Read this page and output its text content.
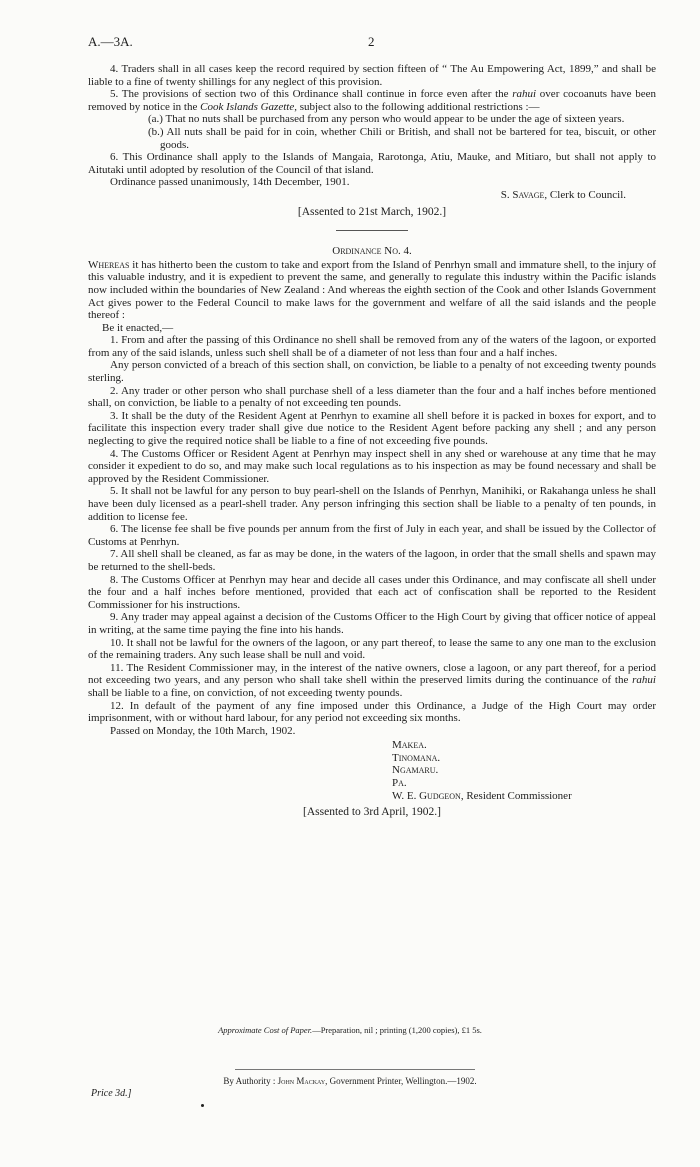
A.—3A.	2

4. Traders shall in all cases keep the record required by section fifteen of “ The Au Empowering Act, 1899,” and shall be liable to a fine of twenty shillings for any neglect of this provision.

5. The provisions of section two of this Ordinance shall continue in force even after the rahui over cocoanuts have been removed by notice in the Cook Islands Gazette, subject also to the following additional restrictions :—

(a.) That no nuts shall be purchased from any person who would appear to be under the age of sixteen years.

(b.) All nuts shall be paid for in coin, whether Chili or British, and shall not be bartered for tea, biscuit, or other goods.

6. This Ordinance shall apply to the Islands of Mangaia, Rarotonga, Atiu, Mauke, and Mitiaro, but shall not apply to Aitutaki until adopted by resolution of the Council of that island.

Ordinance passed unanimously, 14th December, 1901.

S. Savage, Clerk to Council.

[Assented to 21st March, 1902.]

Ordinance No. 4.

Whereas it has hitherto been the custom to take and export from the Island of Penrhyn small and immature shell, to the injury of this valuable industry, and it is expedient to prevent the same, and generally to regulate this industry within the Pacific islands now included within the boundaries of New Zealand : And whereas the eighth section of the Cook and other Islands Government Act gives power to the Federal Council to make laws for the government and welfare of all the said islands and the people thereof :

Be it enacted,—

1. From and after the passing of this Ordinance no shell shall be removed from any of the waters of the lagoon, or exported from any of the said islands, unless such shell shall be of a diameter of not less than four and a half inches.

Any person convicted of a breach of this section shall, on conviction, be liable to a penalty of not exceeding twenty pounds sterling.

2. Any trader or other person who shall purchase shell of a less diameter than the four and a half inches before mentioned shall, on conviction, be liable to a penalty of not exceeding ten pounds.

3. It shall be the duty of the Resident Agent at Penrhyn to examine all shell before it is packed in boxes for export, and to facilitate this inspection every trader shall give due notice to the Resident Agent before packing any shell ; and any person neglecting to give the required notice shall be liable to a fine of not exceeding five pounds.

4. The Customs Officer or Resident Agent at Penrhyn may inspect shell in any shed or warehouse at any time that he may consider it expedient to do so, and may make such local regulations as to his inspection as may be found necessary and shall be approved by the Resident Commissioner.

5. It shall not be lawful for any person to buy pearl-shell on the Islands of Penrhyn, Manihiki, or Rakahanga unless he shall have been duly licensed as a pearl-shell trader. Any person infringing this section shall be liable to a penalty of ten pounds, in addition to license fee.

6. The license fee shall be five pounds per annum from the first of July in each year, and shall be issued by the Collector of Customs at Penrhyn.

7. All shell shall be cleaned, as far as may be done, in the waters of the lagoon, in order that the small shells and spawn may be returned to the shell-beds.

8. The Customs Officer at Penrhyn may hear and decide all cases under this Ordinance, and may confiscate all shell under the four and a half inches before mentioned, provided that each act of confiscation shall be reported to the Resident Commissioner for his instructions.

9. Any trader may appeal against a decision of the Customs Officer to the High Court by giving that officer notice of appeal in writing, at the same time paying the fine into his hands.

10. It shall not be lawful for the owners of the lagoon, or any part thereof, to lease the same to any one man to the exclusion of the remaining traders. Any such lease shall be null and void.

11. The Resident Commissioner may, in the interest of the native owners, close a lagoon, or any part thereof, for a period not exceeding two years, and any person who shall take shell within the preserved limits during the continuance of the rahui shall be liable to a fine, on conviction, of not exceeding twenty pounds.

12. In default of the payment of any fine imposed under this Ordinance, a Judge of the High Court may order imprisonment, with or without hard labour, for any period not exceeding six months.

Passed on Monday, the 10th March, 1902.

Makea.

Tinomana.

Ngamaru.

Pa.

W. E. Gudgeon, Resident Commissioner

[Assented to 3rd April, 1902.]

Approximate Cost of Paper.—Preparation, nil ; printing (1,200 copies), £1 5s.
By Authority : John Mackay, Government Printer, Wellington.—1902.
Price 3d.]
